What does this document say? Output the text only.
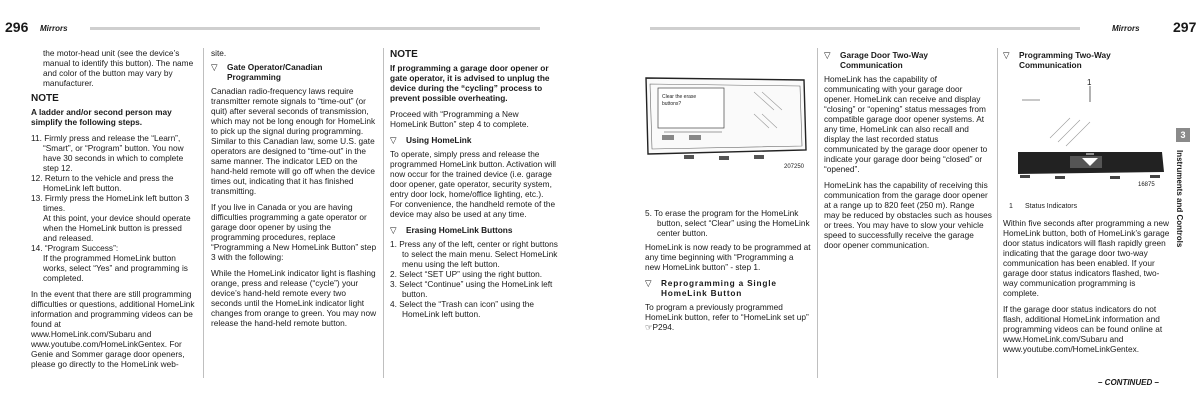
296 Mirrors	Mirrors 297

the motor-head unit (see the device’s manual to identify this button). The name and color of the button may vary by manufacturer.

NOTE

A ladder and/or second person may simplify the following steps.

11. Firmly press and release the “Learn”, “Smart”, or “Program” button. You now have 30 seconds in which to complete step 12.

12. Return to the vehicle and press the HomeLink left button.

13. Firmly press the HomeLink left button 3 times.

At this point, your device should operate when the HomeLink button is pressed and released.

14. “Program Success”:

If the programmed HomeLink button works, select “Yes” and programming is completed.

In the event that there are still programming difficulties or questions, additional HomeLink information and programming videos can be found at

www.HomeLink.com/Subaru and

www.youtube.com/HomeLinkGentex. For Genie and Sommer garage door openers, please go directly to the HomeLink web-

site.

▽	Gate Operator/Canadian Programming

Canadian radio-frequency laws require transmitter remote signals to “time-out” (or quit) after several seconds of transmission, which may not be long enough for HomeLink to pick up the signal during programming. Similar to this Canadian law, some U.S. gate operators are designed to “time-out” in the same manner. The indicator LED on the hand-held remote will go off when the device times out, indicating that it has finished transmitting.

If you live in Canada or you are having difficulties programming a gate operator or garage door opener by using the programming procedures, replace “Programming a New HomeLink Button” step 3 with the following:

While the HomeLink indicator light is flashing orange, press and release (“cycle”) your device’s hand-held remote every two seconds until the HomeLink indicator light changes from orange to green. You may now release the hand-held remote button.

NOTE

If programming a garage door opener or gate operator, it is advised to unplug the device during the “cycling” process to prevent possible overheating.

Proceed with “Programming a New HomeLink Button” step 4 to complete.

▽	Using HomeLink

To operate, simply press and release the programmed HomeLink button. Activation will now occur for the trained device (i.e. garage door opener, gate operator, security system, entry door lock, home/office lighting, etc.). For convenience, the handheld remote of the device may also be used at any time.

▽	Erasing HomeLink Buttons

1. Press any of the left, center or right buttons to select the main menu. Select HomeLink menu using the left button.

2. Select “SET UP” using the right button.

3. Select “Continue” using the HomeLink left button.

4. Select the “Trash can icon” using the HomeLink left button.

Clear the erase
buttons?
207250

5. To erase the program for the HomeLink button, select “Clear” using the HomeLink center button.

HomeLink is now ready to be programmed at any time beginning with “Programming a new HomeLink button” - step 1.

▽	Reprogramming a Single HomeLink Button

To program a previously programmed HomeLink button, refer to “HomeLink set up” ☞P294.

▽	Garage Door Two-Way Communication

HomeLink has the capability of communicating with your garage door opener. HomeLink can receive and display “closing” or “opening” status messages from compatible garage door opener systems. At any time, HomeLink can also recall and display the last recorded status communicated by the garage door opener to indicate your garage door being “closed” or “opened”.

HomeLink has the capability of receiving this communication from the garage door opener at a range up to 820 feet (250 m). Range may be reduced by obstacles such as houses or trees. You may have to slow your vehicle speed to successfully receive the garage door opener communication.

▽	Programming Two-Way Communication
1
16875

1 Status Indicators

Within five seconds after programming a new HomeLink button, both of HomeLink’s garage door status indicators will flash rapidly green indicating that the garage door two-way communication has been enabled. If your garage door status indicators flashed, two-way communication programming is complete.

If the garage door status indicators do not flash, additional HomeLink information and programming videos can be found online at www.HomeLink.com/Subaru and www.youtube.com/HomeLinkGentex.

3
Instruments and Controls
– CONTINUED –
